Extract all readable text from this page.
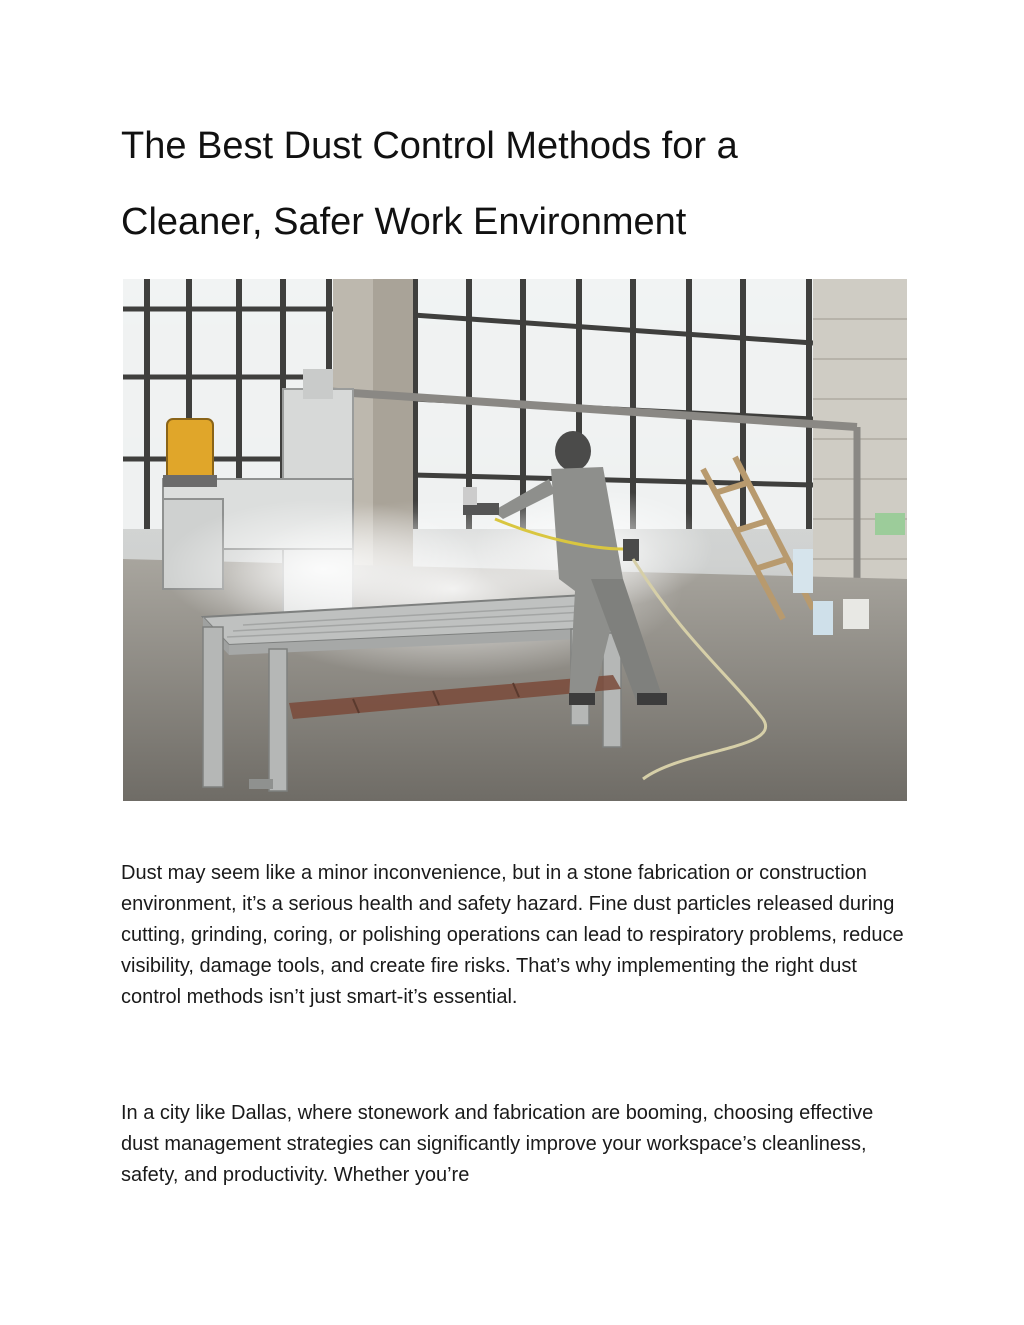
The Best Dust Control Methods for a
Cleaner, Safer Work Environment

Dust may seem like a minor inconvenience, but in a stone fabrication or construction environment, it’s a serious health and safety hazard. Fine dust particles released during cutting, grinding, coring, or polishing operations can lead to respiratory problems, reduce visibility, damage tools, and create fire risks. That’s why implementing the right dust control methods isn’t just smart-it’s essential.

In a city like Dallas, where stonework and fabrication are booming, choosing effective dust management strategies can significantly improve your workspace’s cleanliness, safety, and productivity. Whether you’re
